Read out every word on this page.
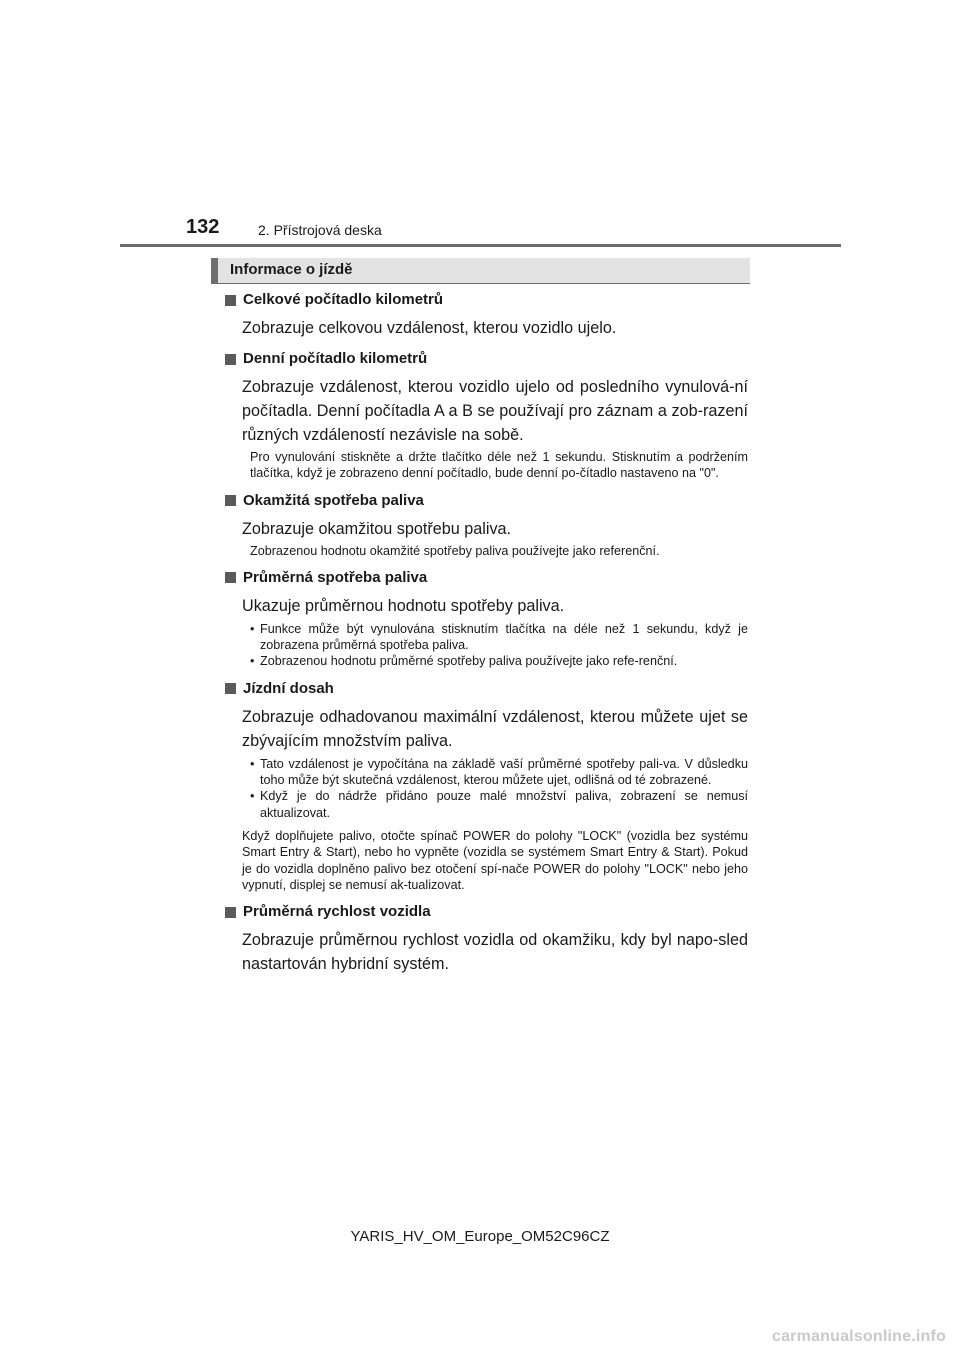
132	2. Přístrojová deska
Informace o jízdě
Celkové počítadlo kilometrů

Zobrazuje celkovou vzdálenost, kterou vozidlo ujelo.

Denní počítadlo kilometrů

Zobrazuje vzdálenost, kterou vozidlo ujelo od posledního vynulová-ní počítadla. Denní počítadla A a B se používají pro záznam a zob-razení různých vzdáleností nezávisle na sobě.

Pro vynulování stiskněte a držte tlačítko déle než 1 sekundu. Stisknutím a podržením tlačítka, když je zobrazeno denní počítadlo, bude denní po-čítadlo nastaveno na "0".

Okamžitá spotřeba paliva

Zobrazuje okamžitou spotřebu paliva.

Zobrazenou hodnotu okamžité spotřeby paliva používejte jako referenční.

Průměrná spotřeba paliva

Ukazuje průměrnou hodnotu spotřeby paliva.

• Funkce může být vynulována stisknutím tlačítka na déle než 1 sekundu, když je zobrazena průměrná spotřeba paliva.
• Zobrazenou hodnotu průměrné spotřeby paliva používejte jako refe-renční.
Jízdní dosah

Zobrazuje odhadovanou maximální vzdálenost, kterou můžete ujet se zbývajícím množstvím paliva.

• Tato vzdálenost je vypočítána na základě vaší průměrné spotřeby pali-va. V důsledku toho může být skutečná vzdálenost, kterou můžete ujet, odlišná od té zobrazené.
• Když je do nádrže přidáno pouze malé množství paliva, zobrazení se nemusí aktualizovat.

Když doplňujete palivo, otočte spínač POWER do polohy "LOCK" (vozidla bez systému Smart Entry & Start), nebo ho vypněte (vozidla se systémem Smart Entry & Start). Pokud je do vozidla doplněno palivo bez otočení spí-nače POWER do polohy "LOCK" nebo jeho vypnutí, displej se nemusí ak-tualizovat.

Průměrná rychlost vozidla

Zobrazuje průměrnou rychlost vozidla od okamžiku, kdy byl napo-sled nastartován hybridní systém.

YARIS_HV_OM_Europe_OM52C96CZ
carmanualsonline.info
